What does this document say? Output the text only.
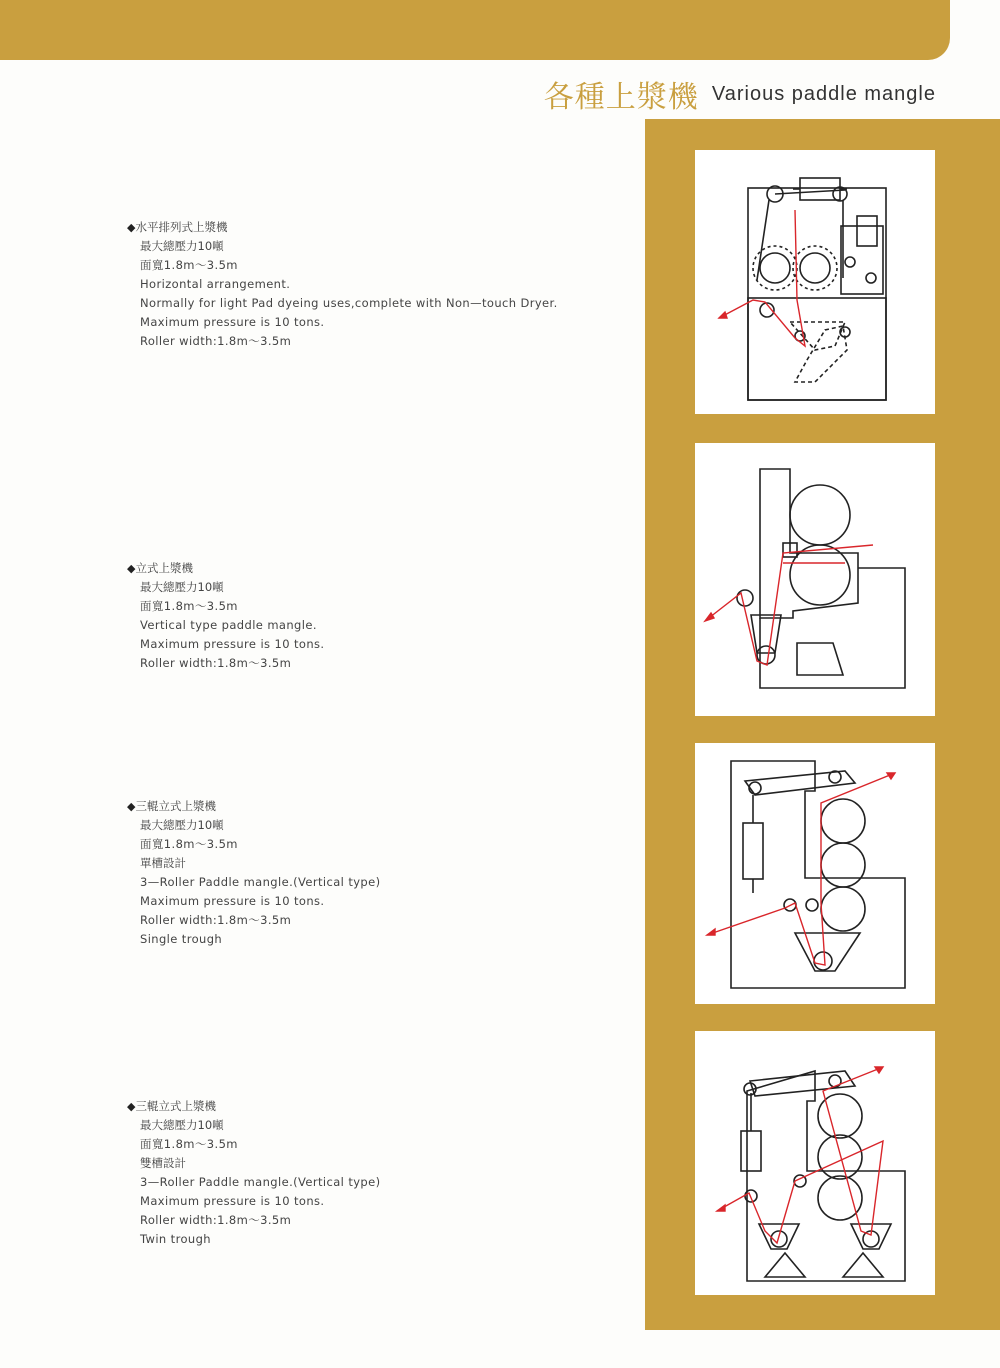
各種上漿機 Various paddle mangle
◆水平排列式上漿機
最大總壓力10噸
面寬1.8m～3.5m
Horizontal arrangement.
Normally for light Pad dyeing uses,complete with Non—touch Dryer.
Maximum pressure is 10 tons.
Roller width:1.8m～3.5m
◆立式上漿機
最大總壓力10噸
面寬1.8m～3.5m
Vertical type paddle mangle.
Maximum pressure is 10 tons.
Roller width:1.8m～3.5m
◆三輥立式上漿機
最大總壓力10噸
面寬1.8m～3.5m
單槽設計
3—Roller Paddle mangle.(Vertical type)
Maximum pressure is 10 tons.
Roller width:1.8m～3.5m
Single trough
◆三輥立式上漿機
最大總壓力10噸
面寬1.8m～3.5m
雙槽設計
3—Roller Paddle mangle.(Vertical type)
Maximum pressure is 10 tons.
Roller width:1.8m～3.5m
Twin trough
